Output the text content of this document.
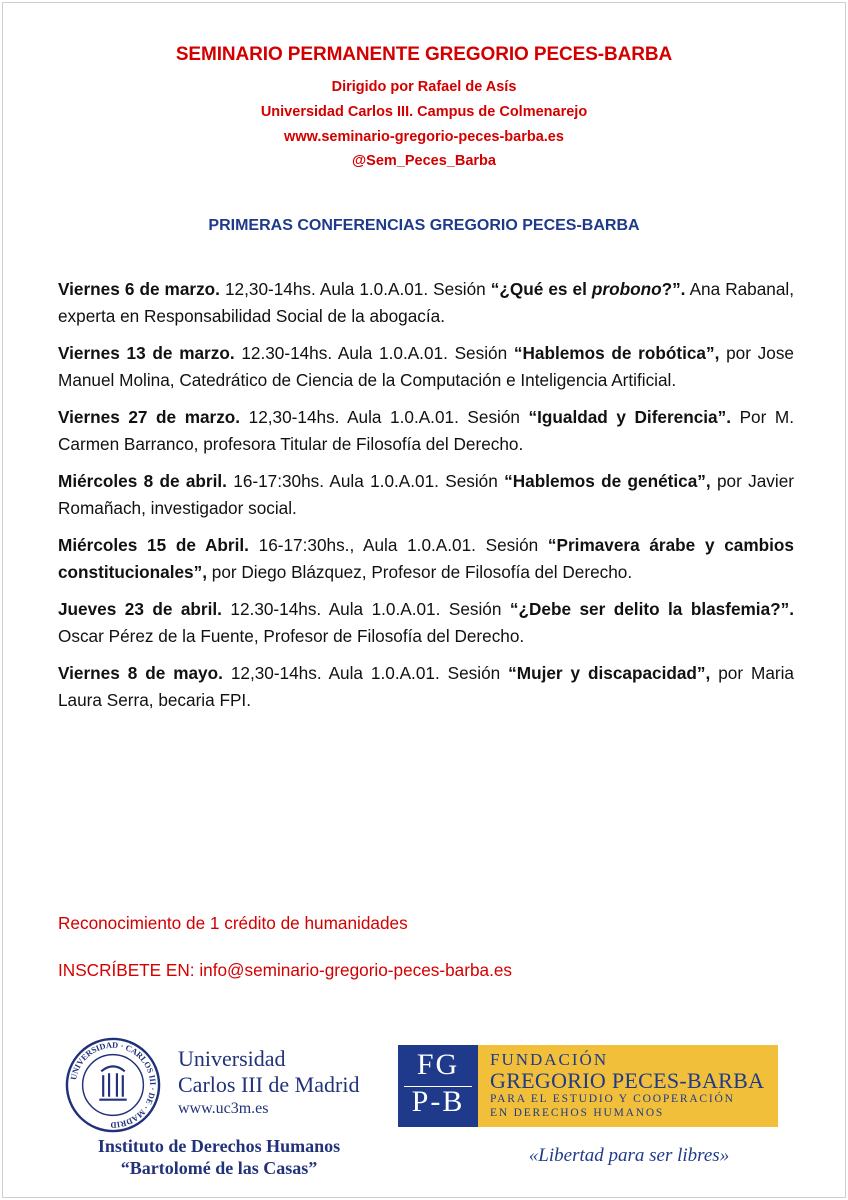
SEMINARIO PERMANENTE GREGORIO PECES-BARBA
Dirigido por Rafael de Asís
Universidad Carlos III. Campus de Colmenarejo
www.seminario-gregorio-peces-barba.es
@Sem_Peces_Barba
PRIMERAS CONFERENCIAS GREGORIO PECES-BARBA

Viernes 6 de marzo. 12,30-14hs. Aula 1.0.A.01. Sesión “¿Qué es el probono?”. Ana Rabanal, experta en Responsabilidad Social de la abogacía.

Viernes 13 de marzo. 12.30-14hs. Aula 1.0.A.01. Sesión “Hablemos de robótica”, por Jose Manuel Molina, Catedrático de Ciencia de la Computación e Inteligencia Artificial.

Viernes 27 de marzo. 12,30-14hs. Aula 1.0.A.01. Sesión “Igualdad y Diferencia”. Por M. Carmen Barranco, profesora Titular de Filosofía del Derecho.

Miércoles 8 de abril. 16-17:30hs. Aula 1.0.A.01. Sesión “Hablemos de genética”, por Javier Romañach, investigador social.

Miércoles 15 de Abril. 16-17:30hs., Aula 1.0.A.01. Sesión “Primavera árabe y cambios constitucionales”, por Diego Blázquez, Profesor de Filosofía del Derecho.

Jueves 23 de abril. 12.30-14hs. Aula 1.0.A.01. Sesión “¿Debe ser delito la blasfemia?”. Oscar Pérez de la Fuente, Profesor de Filosofía del Derecho.

Viernes 8 de mayo. 12,30-14hs. Aula 1.0.A.01. Sesión “Mujer y discapacidad”, por Maria Laura Serra, becaria FPI.

Reconocimiento de 1 crédito de humanidades
INSCRÍBETE EN: info@seminario-gregorio-peces-barba.es
UNIVERSIDAD · CARLOS III · DE · MADRID
Universidad
Carlos III de Madrid
www.uc3m.es
Instituto de Derechos Humanos
“Bartolomé de las Casas”
FG
P-B
FUNDACIÓN
GREGORIO PECES-BARBA
PARA EL ESTUDIO Y COOPERACIÓN
EN DERECHOS HUMANOS
«Libertad para ser libres»
